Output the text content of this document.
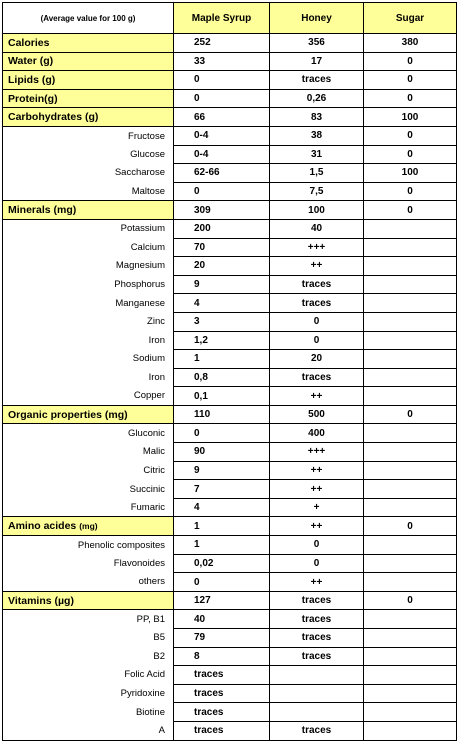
(Average value for 100 g)	Maple Syrup	Honey	Sugar
Calories	252	356	380
Water (g)	33	17	0
Lipids (g)	0	traces	0
Protein(g)	0	0,26	0
Carbohydrates (g)	66	83	100
Fructose	0-4	38	0
Glucose	0-4	31	0
Saccharose	62-66	1,5	100
Maltose	0	7,5	0
Minerals (mg)	309	100	0
Potassium	200	40	
Calcium	70	+++	
Magnesium	20	++	
Phosphorus	9	traces	
Manganese	4	traces	
Zinc	3	0	
Iron	1,2	0	
Sodium	1	20	
Iron	0,8	traces	
Copper	0,1	++	
Organic properties (mg)	110	500	0
Gluconic	0	400	
Malic	90	+++	
Citric	9	++	
Succinic	7	++	
Fumaric	4	+	
Amino acides (mg)	1	++	0
Phenolic composites	1	0	
Flavonoides	0,02	0	
others	0	++	
Vitamins (µg)	127	traces	0
PP, B1	40	traces	
B5	79	traces	
B2	8	traces	
Folic Acid	traces		
Pyridoxine	traces		
Biotine	traces		
A	traces	traces	
